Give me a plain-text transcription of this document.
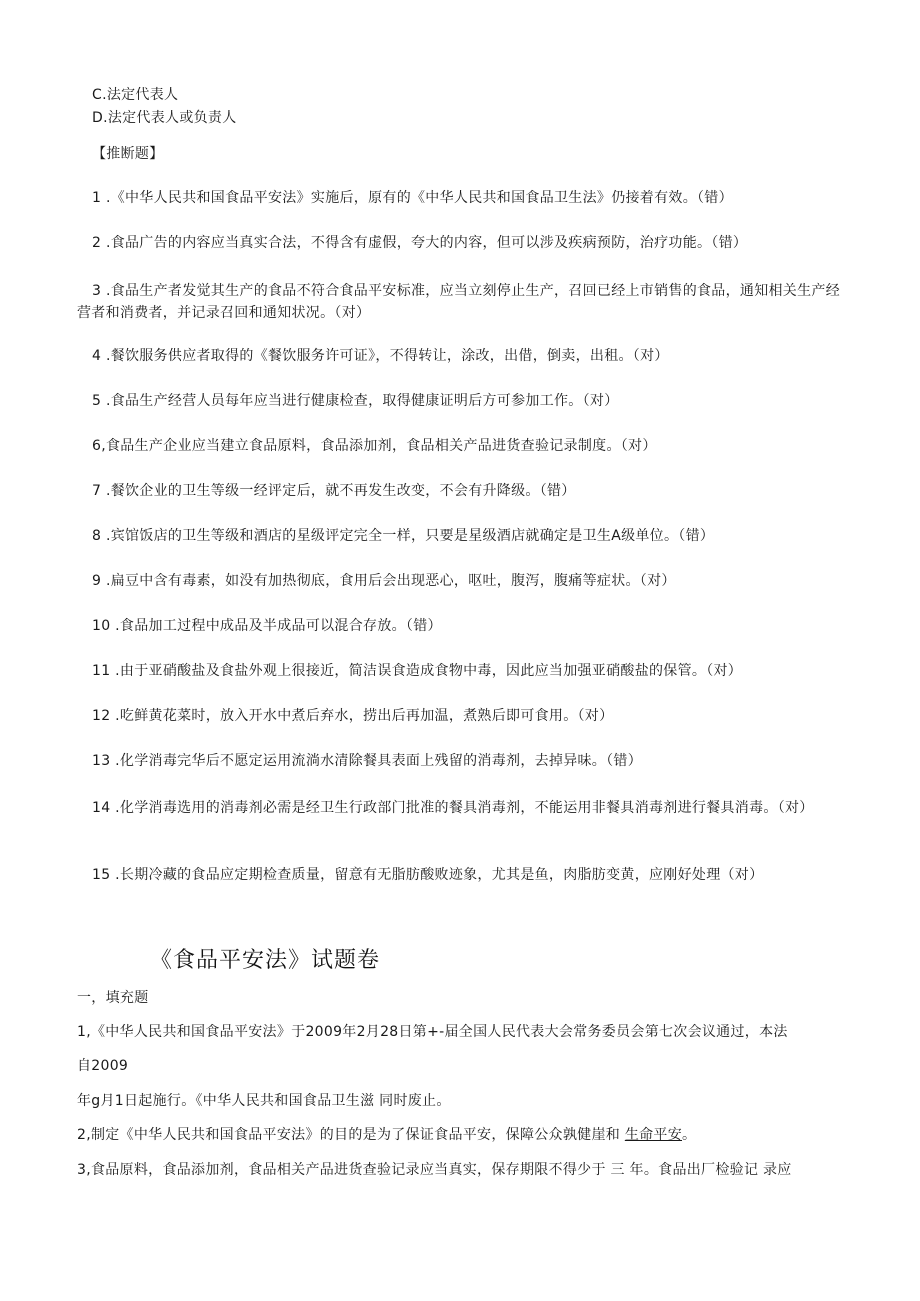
C.法定代表人
D.法定代表人或负责人
【推断题】
1 .《中华人民共和国食品平安法》实施后，原有的《中华人民共和国食品卫生法》仍接着有效。（错）
2 .食品广告的内容应当真实合法，不得含有虚假，夸大的内容，但可以涉及疾病预防，治疗功能。（错）
3 .食品生产者发觉其生产的食品不符合食品平安标准，应当立刻停止生产，召回已经上市销售的食品，通知相关生产经营者和消费者，并记录召回和通知状况。（对）
4 .餐饮服务供应者取得的《餐饮服务许可证》，不得转让，涂改，出借，倒卖，出租。（对）
5 .食品生产经营人员每年应当进行健康检查，取得健康证明后方可参加工作。（对）
6,食品生产企业应当建立食品原料，食品添加剂，食品相关产品进货查验记录制度。（对）
7 .餐饮企业的卫生等级一经评定后，就不再发生改变，不会有升降级。（错）
8 .宾馆饭店的卫生等级和酒店的星级评定完全一样，只要是星级酒店就确定是卫生A级单位。（错）
9 .扁豆中含有毒素，如没有加热彻底，食用后会出现恶心，呕吐，腹泻，腹痛等症状。（对）
10 .食品加工过程中成品及半成品可以混合存放。（错）
11 .由于亚硝酸盐及食盐外观上很接近，简洁误食造成食物中毒，因此应当加强亚硝酸盐的保管。（对）
12 .吃鲜黄花菜时，放入开水中煮后弃水，捞出后再加温，煮熟后即可食用。（对）
13 .化学消毒完华后不愿定运用流淌水清除餐具表面上残留的消毒剂，去掉异味。（错）
14 .化学消毒选用的消毒剂必需是经卫生行政部门批准的餐具消毒剂，不能运用非餐具消毒剂进行餐具消毒。（对）
15 .长期冷藏的食品应定期检查质量，留意有无脂肪酸败迹象，尤其是鱼，肉脂肪变黄，应刚好处理（对）
《食品平安法》试题卷
一，填充题
1,《中华人民共和国食品平安法》于2009年2月28日第+-届全国人民代表大会常务委员会第七次会议通过，本法
自2009
年g月1日起施行。《中华人民共和国食品卫生滋 同时废止。
2,制定《中华人民共和国食品平安法》的目的是为了保证食品平安，保障公众孰健崖和 生命平安。
3,食品原料，食品添加剂，食品相关产品进货查验记录应当真实，保存期限不得少于 三 年。食品出厂检验记 录应
